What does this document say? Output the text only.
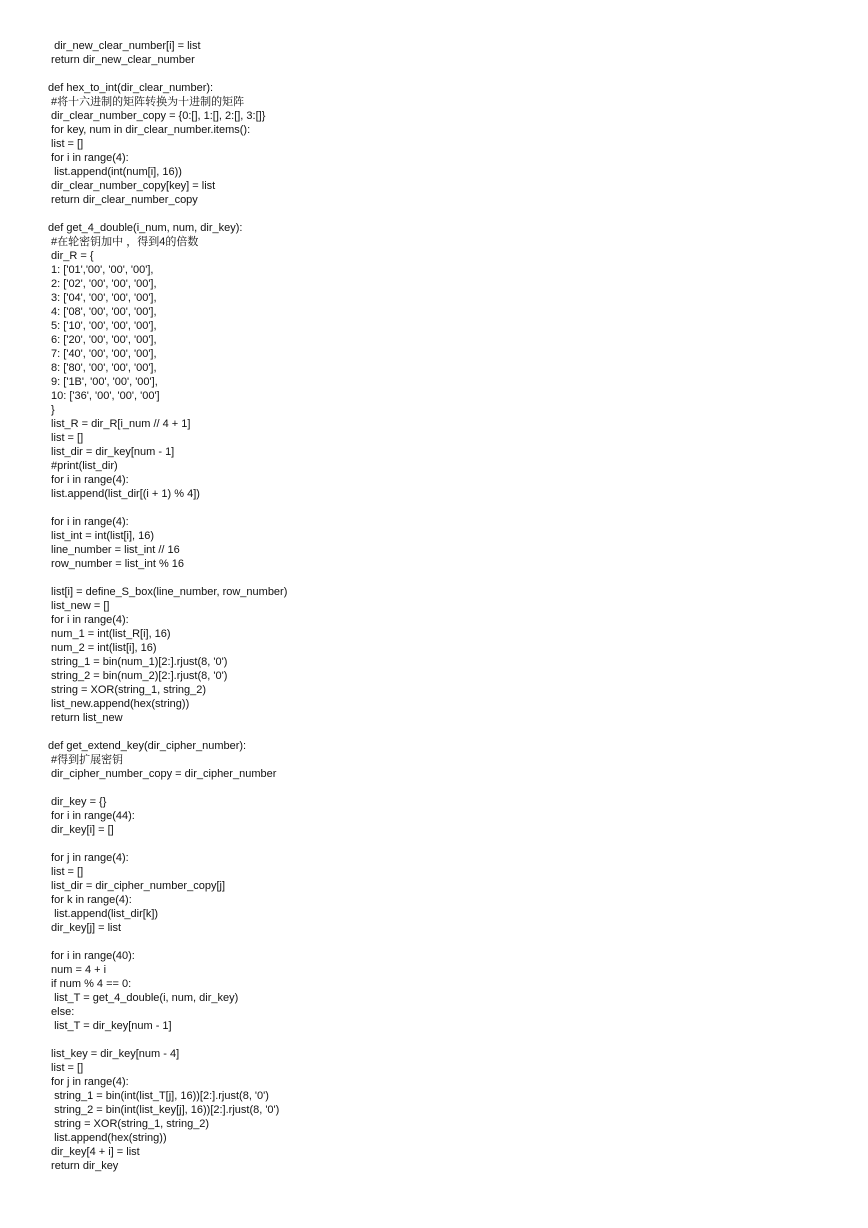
dir_new_clear_number[i] = list
return dir_new_clear_number
def hex_to_int(dir_clear_number):
#将十六进制的矩阵转换为十进制的矩阵
dir_clear_number_copy = {0:[], 1:[], 2:[], 3:[]}
for key, num in dir_clear_number.items():
list = []
for i in range(4):
list.append(int(num[i], 16))
dir_clear_number_copy[key] = list
return dir_clear_number_copy
def get_4_double(i_num, num, dir_key):
#在轮密钥加中 ，得到4的倍数
dir_R = {
1: ['01','00', '00', '00'],
2: ['02', '00', '00', '00'],
3: ['04', '00', '00', '00'],
4: ['08', '00', '00', '00'],
5: ['10', '00', '00', '00'],
6: ['20', '00', '00', '00'],
7: ['40', '00', '00', '00'],
8: ['80', '00', '00', '00'],
9: ['1B', '00', '00', '00'],
10: ['36', '00', '00', '00']
}
list_R = dir_R[i_num // 4 + 1]
list = []
list_dir = dir_key[num - 1]
#print(list_dir)
for i in range(4):
list.append(list_dir[(i + 1) % 4])
for i in range(4):
list_int = int(list[i], 16)
line_number = list_int // 16
row_number = list_int % 16
list[i] = define_S_box(line_number, row_number)
list_new = []
for i in range(4):
num_1 = int(list_R[i], 16)
num_2 = int(list[i], 16)
string_1 = bin(num_1)[2:].rjust(8, '0')
string_2 = bin(num_2)[2:].rjust(8, '0')
string = XOR(string_1, string_2)
list_new.append(hex(string))
return list_new
def get_extend_key(dir_cipher_number):
#得到扩展密钥
dir_cipher_number_copy = dir_cipher_number
dir_key = {}
for i in range(44):
dir_key[i] = []
for j in range(4):
list = []
list_dir = dir_cipher_number_copy[j]
for k in range(4):
list.append(list_dir[k])
dir_key[j] = list
for i in range(40):
num = 4 + i
if num % 4 == 0:
list_T = get_4_double(i, num, dir_key)
else:
list_T = dir_key[num - 1]
list_key = dir_key[num - 4]
list = []
for j in range(4):
string_1 = bin(int(list_T[j], 16))[2:].rjust(8, '0')
string_2 = bin(int(list_key[j], 16))[2:].rjust(8, '0')
string = XOR(string_1, string_2)
list.append(hex(string))
dir_key[4 + i] = list
return dir_key
